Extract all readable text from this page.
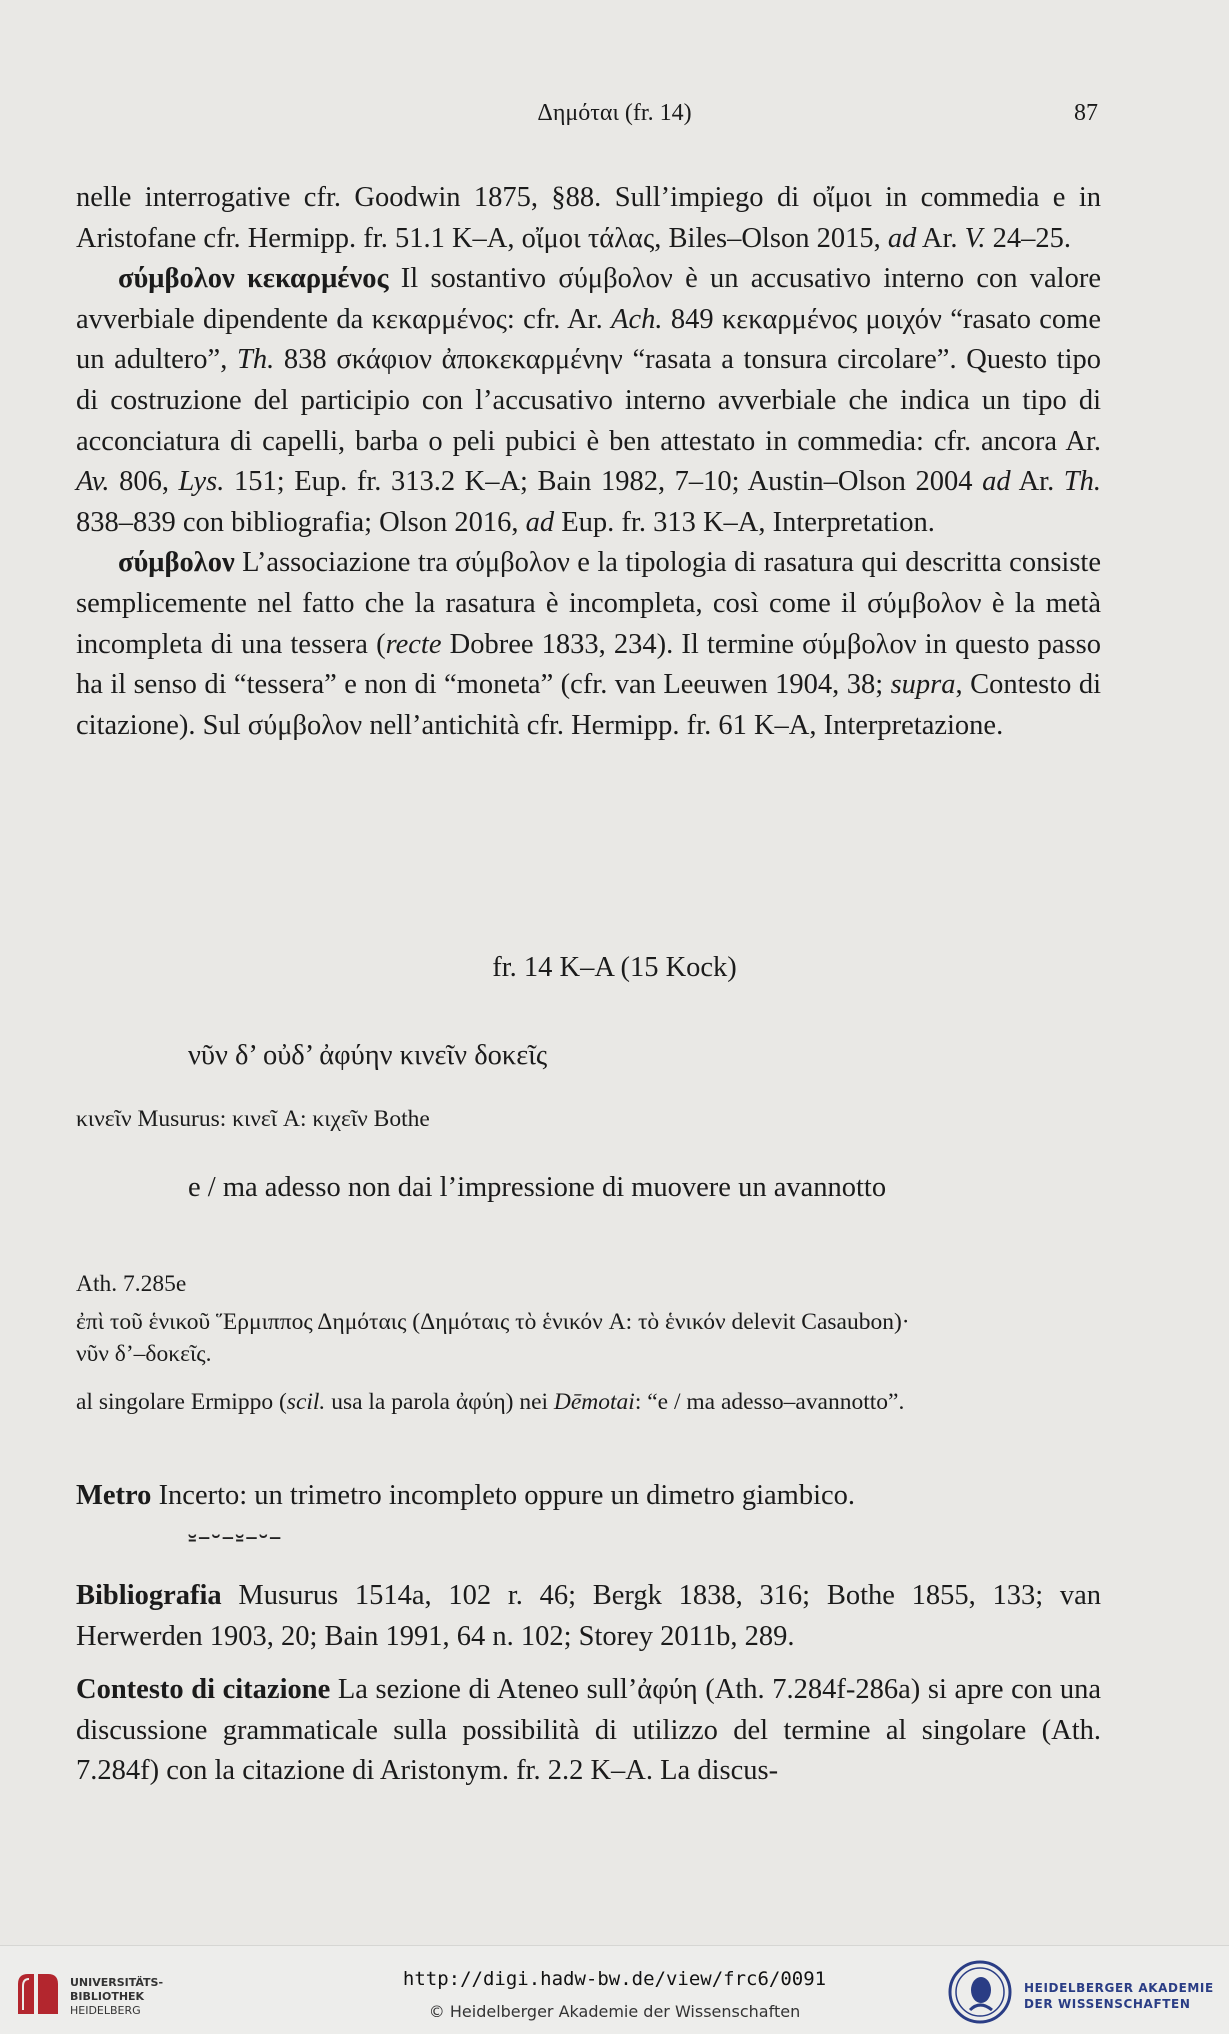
Δημόται (fr. 14)	87

nelle interrogative cfr. Goodwin 1875, §88. Sull’impiego di οἴμοι in commedia e in Aristofane cfr. Hermipp. fr. 51.1 K–A, οἴμοι τάλας, Biles–Olson 2015, ad Ar. V. 24–25.

σύμβολον κεκαρμένος Il sostantivo σύμβολον è un accusativo interno con valore avverbiale dipendente da κεκαρμένος: cfr. Ar. Ach. 849 κεκαρμένος μοιχόν “rasato come un adultero”, Th. 838 σκάφιον ἀποκεκαρμένην “rasata a tonsura circolare”. Questo tipo di costruzione del participio con l’accusativo interno avverbiale che indica un tipo di acconciatura di capelli, barba o peli pubici è ben attestato in commedia: cfr. ancora Ar. Av. 806, Lys. 151; Eup. fr. 313.2 K–A; Bain 1982, 7–10; Austin–Olson 2004 ad Ar. Th. 838–839 con bibliografia; Olson 2016, ad Eup. fr. 313 K–A, Interpretation.

σύμβολον L’associazione tra σύμβολον e la tipologia di rasatura qui descritta consiste semplicemente nel fatto che la rasatura è incompleta, così come il σύμβολον è la metà incompleta di una tessera (recte Dobree 1833, 234). Il termine σύμβολον in questo passo ha il senso di “tessera” e non di “moneta” (cfr. van Leeuwen 1904, 38; supra, Contesto di citazione). Sul σύμβολον nell’antichità cfr. Hermipp. fr. 61 K–A, Interpretazione.

fr. 14 K–A (15 Kock)
νῦν δ’ οὐδ’ ἀφύην κινεῖν δοκεῖς
κινεῖν Musurus: κινεῖ A: κιχεῖν Bothe
e / ma adesso non dai l’impressione di muovere un avannotto
Ath. 7.285e
ἐπὶ τοῦ ἑνικοῦ Ἕρμιππος Δημόταις (Δημόταις τὸ ἑνικόν A: τὸ ἑνικόν delevit Casaubon)·
νῦν δ’–δοκεῖς.
al singolare Ermippo (scil. usa la parola ἀφύη) nei Dēmotai: “e / ma adesso–avannotto”.
Metro Incerto: un trimetro incompleto oppure un dimetro giambico.
⏓–⏑–⏓–⏑–

Bibliografia Musurus 1514a, 102 r. 46; Bergk 1838, 316; Bothe 1855, 133; van Herwerden 1903, 20; Bain 1991, 64 n. 102; Storey 2011b, 289.

Contesto di citazione La sezione di Ateneo sull’ἀφύη (Ath. 7.284f-286a) si apre con una discussione grammaticale sulla possibilità di utilizzo del termine al singolare (Ath. 7.284f) con la citazione di Aristonym. fr. 2.2 K–A. La discus-

UNIVERSITÄTS-
BIBLIOTHEK
HEIDELBERG
http://digi.hadw-bw.de/view/frc6/0091
© Heidelberger Akademie der Wissenschaften
HEIDELBERGER AKADEMIE
DER WISSENSCHAFTEN
